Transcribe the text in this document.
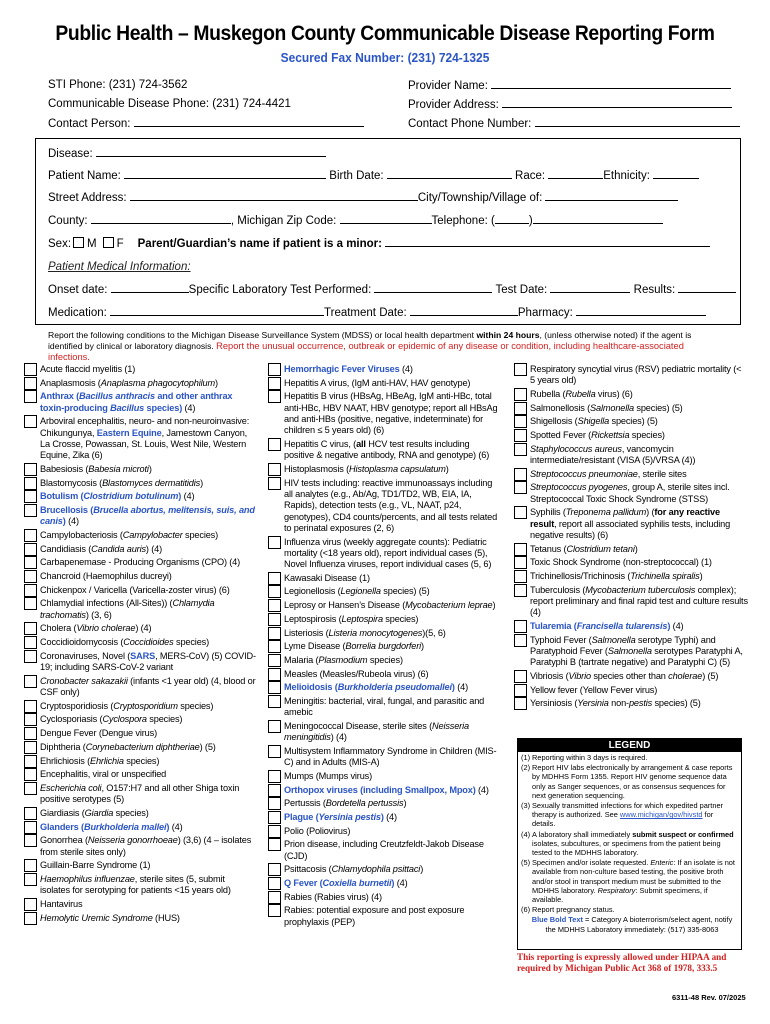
Public Health – Muskegon County Communicable Disease Reporting Form
Secured Fax Number: (231) 724-1325
STI Phone: (231) 724-3562
Communicable Disease Phone: (231) 724-4421
Contact Person:
Provider Name:
Provider Address:
Contact Phone Number:
Disease:
Patient Name:	Birth Date:	Race:	Ethnicity:
Street Address:	City/Township/Village of:
County:	, Michigan Zip Code:	Telephone: (	)
Sex: M F Parent/Guardian’s name if patient is a minor:
Patient Medical Information:
Onset date:	Specific Laboratory Test Performed:	Test Date:	Results:
Medication:	Treatment Date:	Pharmacy:
Report the following conditions to the Michigan Disease Surveillance System (MDSS) or local health department within 24 hours, (unless otherwise noted) if the agent is identified by clinical or laboratory diagnosis. Report the unusual occurrence, outbreak or epidemic of any disease or condition, including healthcare-associated infections.
Acute flaccid myelitis (1)
Anaplasmosis (Anaplasma phagocytophilum)
Anthrax (Bacillus anthracis and other anthrax toxin-producing Bacillus species) (4)
Arboviral encephalitis, neuro- and non-neuroinvasive: Chikungunya, Eastern Equine, Jamestown Canyon, La Crosse, Powassan, St. Louis, West Nile, Western Equine, Zika (6)
Babesiosis (Babesia microti)
Blastomycosis (Blastomyces dermatitidis)
Botulism (Clostridium botulinum) (4)
Brucellosis (Brucella abortus, melitensis, suis, and canis) (4)
Campylobacteriosis (Campylobacter species)
Candidiasis (Candida auris) (4)
Carbapenemase - Producing Organisms (CPO) (4)
Chancroid (Haemophilus ducreyi)
Chickenpox / Varicella (Varicella-zoster virus) (6)
Chlamydial infections (All-Sites)) (Chlamydia trachomatis) (3, 6)
Cholera (Vibrio cholerae) (4)
Coccidioidomycosis (Coccidioides species)
Coronaviruses, Novel (SARS, MERS-CoV) (5) COVID-19; including SARS-CoV-2 variant
Cronobacter sakazakii (infants <1 year old) (4, blood or CSF only)
Cryptosporidiosis (Cryptosporidium species)
Cyclosporiasis (Cyclospora species)
Dengue Fever (Dengue virus)
Diphtheria (Corynebacterium diphtheriae) (5)
Ehrlichiosis (Ehrlichia species)
Encephalitis, viral or unspecified
Escherichia coli, O157:H7 and all other Shiga toxin positive serotypes (5)
Giardiasis (Giardia species)
Glanders (Burkholderia mallei) (4)
Gonorrhea (Neisseria gonorrhoeae) (3,6) (4 – isolates from sterile sites only)
Guillain-Barre Syndrome (1)
Haemophilus influenzae, sterile sites (5, submit isolates for serotyping for patients <15 years old)
Hantavirus
Hemolytic Uremic Syndrome (HUS)
Hemorrhagic Fever Viruses (4)
Hepatitis A virus, (IgM anti-HAV, HAV genotype)
Hepatitis B virus (HBsAg, HBeAg, IgM anti-HBc, total anti-HBc, HBV NAAT, HBV genotype; report all HBsAg and anti-HBs (positive, negative, indeterminate) for children ≤ 5 years old) (6)
Hepatitis C virus, (all HCV test results including positive & negative antibody, RNA and genotype) (6)
Histoplasmosis (Histoplasma capsulatum)
HIV tests including: reactive immunoassays including all analytes (e.g., Ab/Ag, TD1/TD2, WB, EIA, IA, Rapids), detection tests (e.g., VL, NAAT, p24, genotypes), CD4 counts/percents, and all tests related to perinatal exposures (2, 6)
Influenza virus (weekly aggregate counts): Pediatric mortality (<18 years old), report individual cases (5), Novel Influenza viruses, report individual cases (5, 6)
Kawasaki Disease (1)
Legionellosis (Legionella species) (5)
Leprosy or Hansen’s Disease (Mycobacterium leprae)
Leptospirosis (Leptospira species)
Listeriosis (Listeria monocytogenes)(5, 6)
Lyme Disease (Borrelia burgdorferi)
Malaria (Plasmodium species)
Measles (Measles/Rubeola virus) (6)
Melioidosis (Burkholderia pseudomallei) (4)
Meningitis: bacterial, viral, fungal, and parasitic and amebic
Meningococcal Disease, sterile sites (Neisseria meningitidis) (4)
Multisystem Inflammatory Syndrome in Children (MIS-C) and in Adults (MIS-A)
Mumps (Mumps virus)
Orthopox viruses (including Smallpox, Mpox) (4)
Pertussis (Bordetella pertussis)
Plague (Yersinia pestis) (4)
Polio (Poliovirus)
Prion disease, including Creutzfeldt-Jakob Disease (CJD)
Psittacosis (Chlamydophila psittaci)
Q Fever (Coxiella burnetii) (4)
Rabies (Rabies virus) (4)
Rabies: potential exposure and post exposure prophylaxis (PEP)
Respiratory syncytial virus (RSV) pediatric mortality (< 5 years old)
Rubella (Rubella virus) (6)
Salmonellosis (Salmonella species) (5)
Shigellosis (Shigella species) (5)
Spotted Fever (Rickettsia species)
Staphylococcus aureus, vancomycin intermediate/resistant (VISA (5)/VRSA (4))
Streptococcus pneumoniae, sterile sites
Streptococcus pyogenes, group A, sterile sites incl. Streptococcal Toxic Shock Syndrome (STSS)
Syphilis (Treponema pallidum) (for any reactive result, report all associated syphilis tests, including negative results) (6)
Tetanus (Clostridium tetani)
Toxic Shock Syndrome (non-streptococcal) (1)
Trichinellosis/Trichinosis (Trichinella spiralis)
Tuberculosis (Mycobacterium tuberculosis complex); report preliminary and final rapid test and culture results (4)
Tularemia (Francisella tularensis) (4)
Typhoid Fever (Salmonella serotype Typhi) and Paratyphoid Fever (Salmonella serotypes Paratyphi A, Paratyphi B (tartrate negative) and Paratyphi C) (5)
Vibriosis (Vibrio species other than cholerae) (5)
Yellow fever (Yellow Fever virus)
Yersiniosis (Yersinia non-pestis species) (5)
LEGEND
(1) Reporting within 3 days is required.
(2) Report HIV labs electronically by arrangement & case reports by MDHHS Form 1355. Report HIV genome sequence data only as Sanger sequences, or as consensus sequences for next generation sequencing.
(3) Sexually transmitted infections for which expedited partner therapy is authorized. See www.michigan/gov/hivstd for details.
(4) A laboratory shall immediately submit suspect or confirmed isolates, subcultures, or specimens from the patient being tested to the MDHHS laboratory.
(5) Specimen and/or isolate requested. Enteric: If an isolate is not available from non-culture based testing, the positive broth and/or stool in transport medium must be submitted to the MDHHS laboratory. Respiratory: Submit specimens, if available.
(6) Report pregnancy status.
Blue Bold Text = Category A bioterrorism/select agent, notify the MDHHS Laboratory immediately: (517) 335-8063
This reporting is expressly allowed under HIPAA and required by Michigan Public Act 368 of 1978, 333.5
6311-48 Rev. 07/2025
